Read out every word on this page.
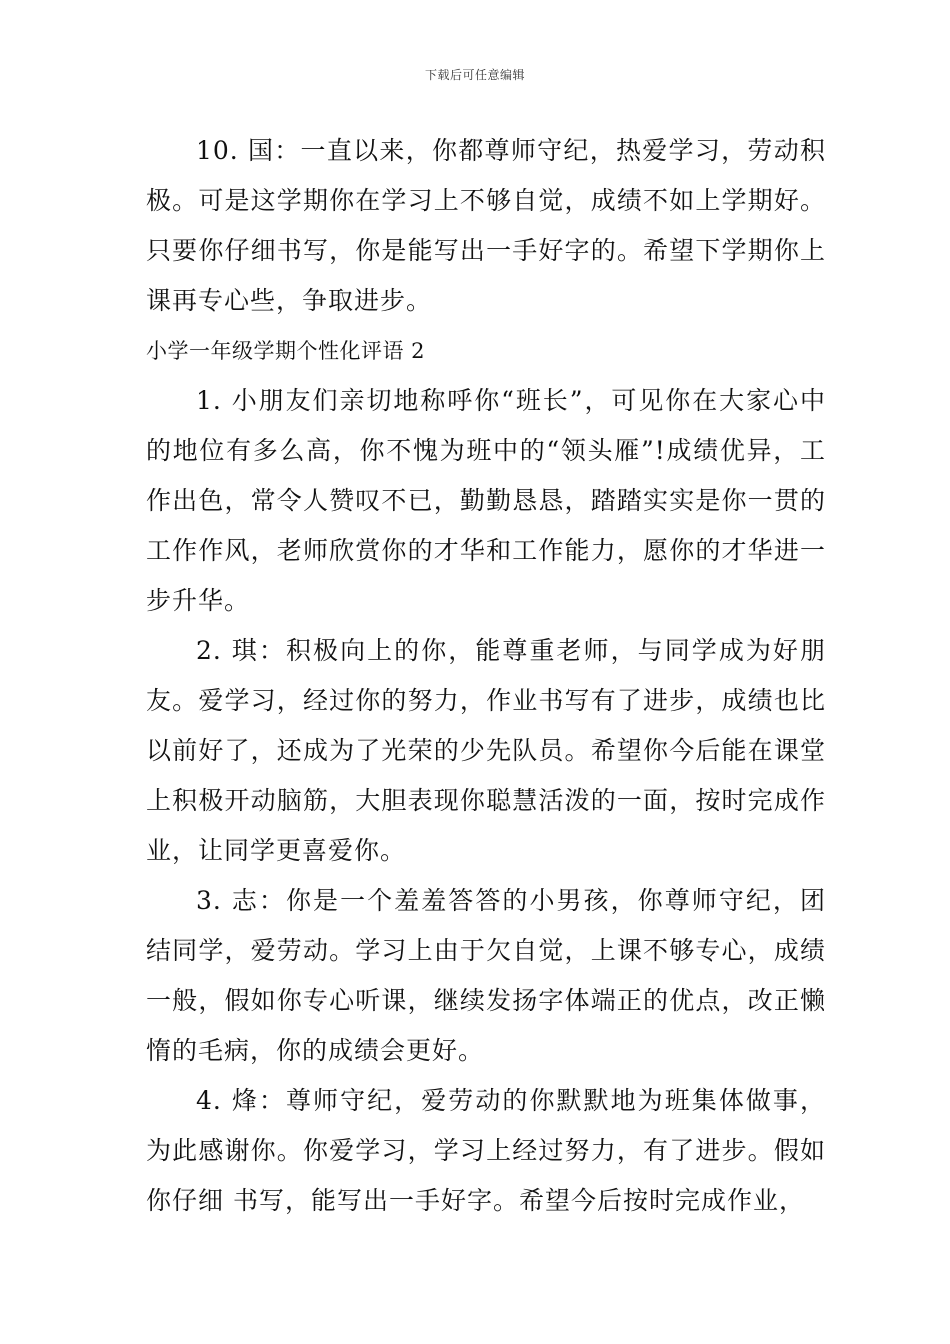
下载后可任意编辑

10. 国：一直以来，你都尊师守纪，热爱学习，劳动积极。可是这学期你在学习上不够自觉，成绩不如上学期好。只要你仔细书写，你是能写出一手好字的。希望下学期你上课再专心些，争取进步。

小学一年级学期个性化评语 2

1. 小朋友们亲切地称呼你“班长”，可见你在大家心中的地位有多么高，你不愧为班中的“领头雁”!成绩优异，工作出色，常令人赞叹不已，勤勤恳恳，踏踏实实是你一贯的工作作风，老师欣赏你的才华和工作能力，愿你的才华进一步升华。

2. 琪：积极向上的你，能尊重老师，与同学成为好朋友。爱学习，经过你的努力，作业书写有了进步，成绩也比以前好了，还成为了光荣的少先队员。希望你今后能在课堂上积极开动脑筋，大胆表现你聪慧活泼的一面，按时完成作业，让同学更喜爱你。

3. 志：你是一个羞羞答答的小男孩，你尊师守纪，团结同学，爱劳动。学习上由于欠自觉，上课不够专心，成绩一般，假如你专心听课，继续发扬字体端正的优点，改正懒惰的毛病，你的成绩会更好。

4. 烽：尊师守纪，爱劳动的你默默地为班集体做事，为此感谢你。你爱学习，学习上经过努力，有了进步。假如你仔细 书写，能写出一手好字。希望今后按时完成作业，
